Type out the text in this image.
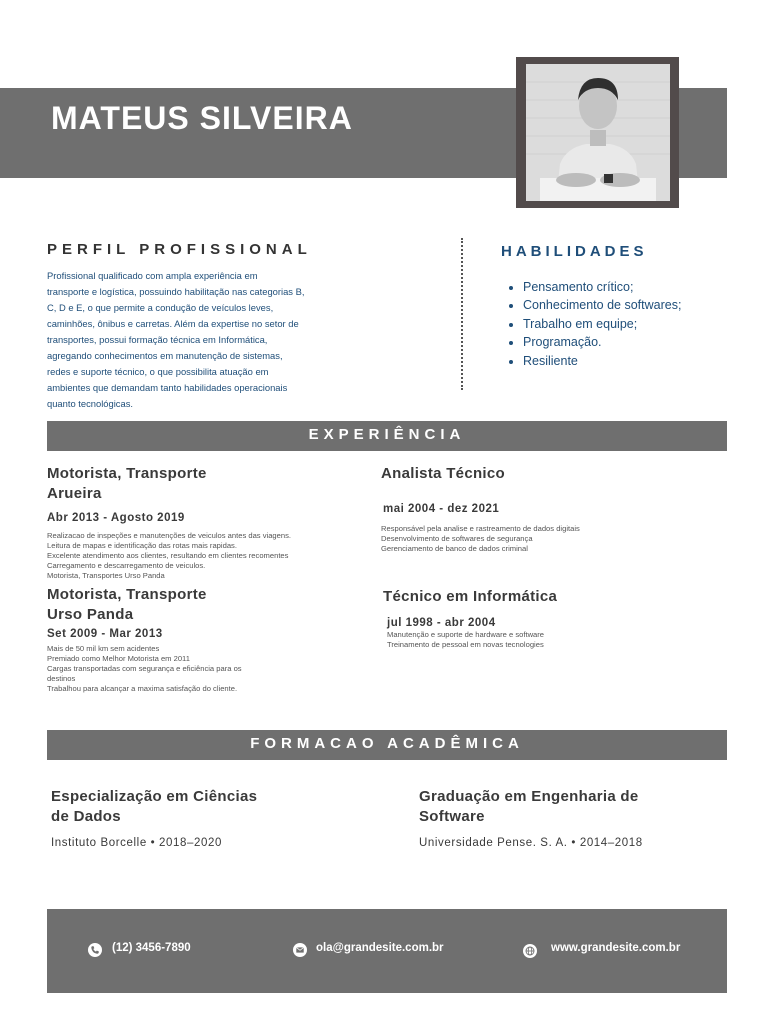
MATEUS SILVEIRA
PERFIL PROFISSIONAL
Profissional qualificado com ampla experiência em
transporte e logística, possuindo habilitação nas categorias B,
C, D e E, o que permite a condução de veículos leves,
caminhões, ônibus e carretas. Além da expertise no setor de
transportes, possui formação técnica em Informática,
agregando conhecimentos em manutenção de sistemas,
redes e suporte técnico, o que possibilita atuação em
ambientes que demandam tanto habilidades operacionais
quanto tecnológicas.
HABILIDADES
• Pensamento crítico;
• Conhecimento de softwares;
• Trabalho em equipe;
• Programação.
• Resiliente
EXPERIÊNCIA
Motorista, Transporte
Arueira
Abr 2013 - Agosto 2019
Realizacao de inspeções e manutenções de veiculos antes das viagens.
Leitura de mapas e identificação das rotas mais rapidas.
Excelente atendimento aos clientes, resultando em clientes recomentes
Carregamento e descarregamento de veiculos.
Motorista, Transportes Urso Panda
Analista Técnico
mai 2004 - dez 2021
Responsável pela analise e rastreamento de dados digitais
Desenvolvimento de softwares de segurança
Gerenciamento de banco de dados criminal
Motorista, Transporte
Urso Panda
Set 2009 - Mar 2013
Mais de 50 mil km sem acidentes
Premiado como Melhor Motorista em 2011
Cargas transportadas com segurança e eficiência para os
destinos
Trabalhou para alcançar a maxima satisfação do cliente.
Técnico em Informática
jul 1998 - abr 2004
Manutenção e suporte de hardware e software
Treinamento de pessoal em novas tecnologies
FORMACAO ACADÊMICA
Especialização em Ciências
de Dados
Instituto Borcelle • 2018–2020
Graduação em Engenharia de
Software
Universidade Pense. S. A. • 2014–2018
(12) 3456-7890	ola@grandesite.com.br	www.grandesite.com.br
